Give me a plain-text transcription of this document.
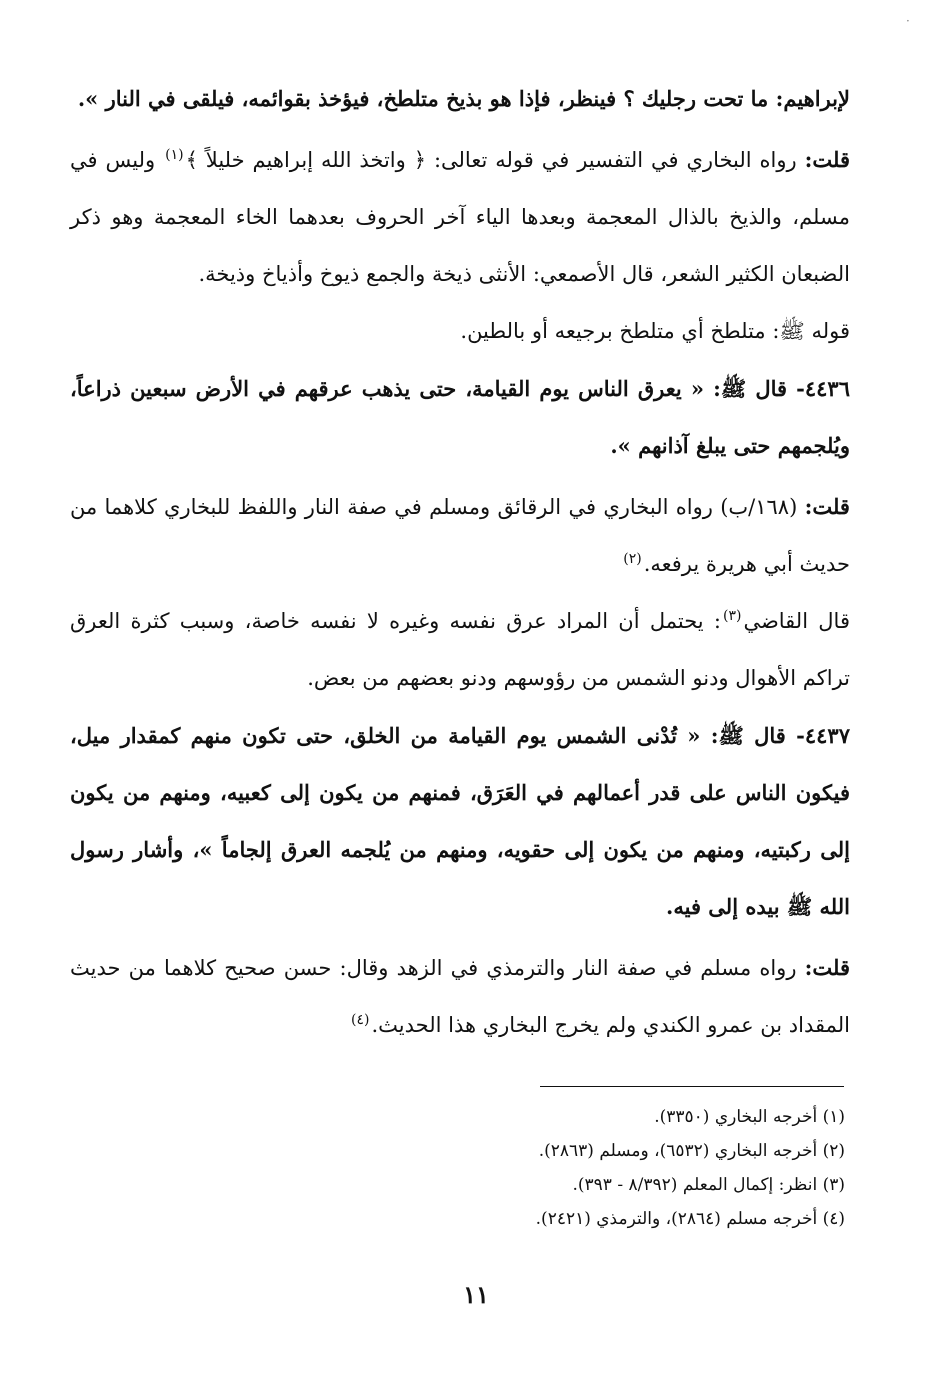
·

لإبراهيم: ما تحت رجليك ؟ فينظر، فإذا هو بذيخ متلطخ، فيؤخذ بقوائمه، فيلقى في النار ».

قلت: رواه البخاري في التفسير في قوله تعالى: ﴿ واتخذ الله إبراهيم خليلاً ﴾$^{(١)}$ وليس في مسلم، والذيخ بالذال المعجمة وبعدها الياء آخر الحروف بعدهما الخاء المعجمة وهو ذكر الضبعان الكثير الشعر، قال الأصمعي: الأنثى ذيخة والجمع ذيوخ وأذياخ وذيخة.

قوله ﷺ: متلطخ أي متلطخ برجيعه أو بالطين.

٤٤٣٦- قال ﷺ: « يعرق الناس يوم القيامة، حتى يذهب عرقهم في الأرض سبعين ذراعاً، ويُلجمهم حتى يبلغ آذانهم ».

قلت: (١٦٨/ب) رواه البخاري في الرقائق ومسلم في صفة النار واللفظ للبخاري كلاهما من حديث أبي هريرة يرفعه.$^{(٢)}$

قال القاضي$^{(٣)}$: يحتمل أن المراد عرق نفسه وغيره لا نفسه خاصة، وسبب كثرة العرق تراكم الأهوال ودنو الشمس من رؤوسهم ودنو بعضهم من بعض.

٤٤٣٧- قال ﷺ: « تُدْنى الشمس يوم القيامة من الخلق، حتى تكون منهم كمقدار ميل، فيكون الناس على قدر أعمالهم في العَرَق، فمنهم من يكون إلى كعبيه، ومنهم من يكون إلى ركبتيه، ومنهم من يكون إلى حقويه، ومنهم من يُلجمه العرق إلجاماً »، وأشار رسول الله ﷺ بيده إلى فيه.

قلت: رواه مسلم في صفة النار والترمذي في الزهد وقال: حسن صحيح كلاهما من حديث المقداد بن عمرو الكندي ولم يخرج البخاري هذا الحديث.$^{(٤)}$

(١) أخرجه البخاري (٣٣٥٠).

(٢) أخرجه البخاري (٦٥٣٢)، ومسلم (٢٨٦٣).

(٣) انظر: إكمال المعلم (٨/٣٩٢ - ٣٩٣).

(٤) أخرجه مسلم (٢٨٦٤)، والترمذي (٢٤٢١).

١١
